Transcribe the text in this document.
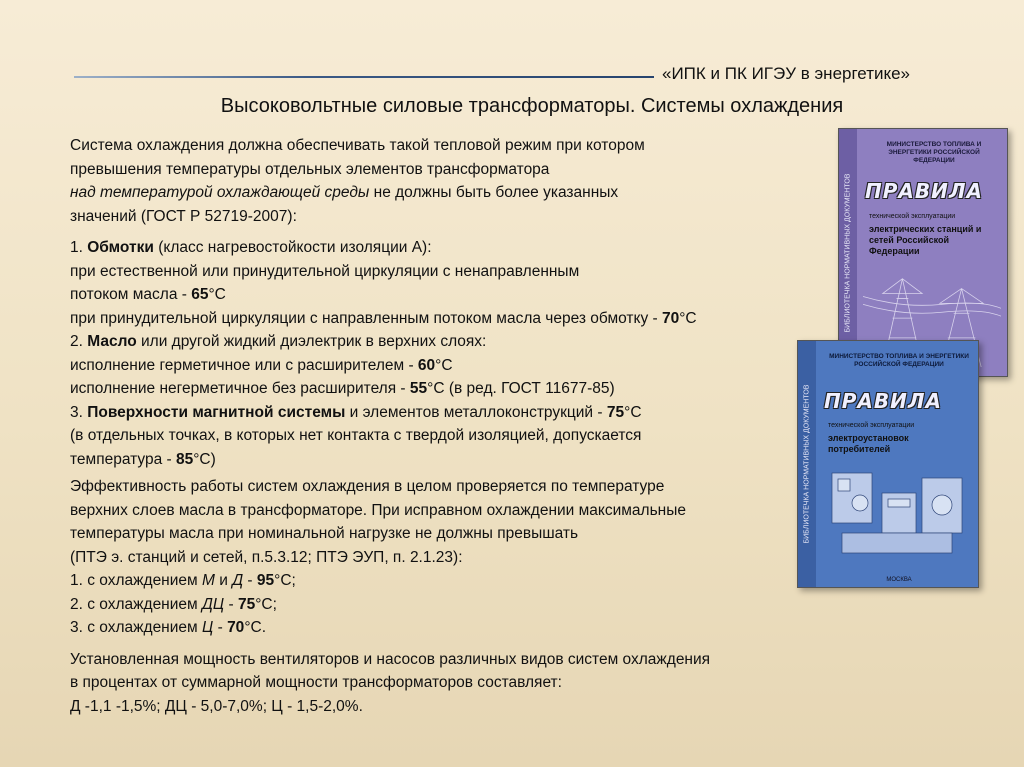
«ИПК и ПК ИГЭУ в энергетике»
Высоковольтные силовые трансформаторы. Системы охлаждения

Система охлаждения должна обеспечивать такой тепловой режим при котором

превышения температуры отдельных элементов трансформатора

над температурой охлаждающей среды не должны быть более указанных

значений (ГОСТ Р 52719-2007):

1. Обмотки (класс нагревостойкости изоляции А):

при естественной или принудительной циркуляции с ненаправленным

потоком масла - 65°С

при принудительной циркуляции с направленным потоком масла через обмотку - 70°С

2. Масло или другой жидкий диэлектрик в верхних слоях:

исполнение герметичное или с расширителем - 60°С

исполнение негерметичное без расширителя - 55°С (в ред. ГОСТ 11677-85)

3. Поверхности магнитной системы и элементов металлоконструкций - 75°С

(в отдельных точках, в которых нет контакта с твердой изоляцией, допускается

температура - 85°С)

Эффективность работы систем охлаждения в целом проверяется по температуре

верхних слоев масла в трансформаторе. При исправном охлаждении максимальные

температуры масла при номинальной нагрузке не должны превышать

(ПТЭ э. станций и сетей, п.5.3.12; ПТЭ ЭУП, п. 2.1.23):

1. с охлаждением М и Д - 95°С;

2. с охлаждением ДЦ - 75°С;

3. с охлаждением Ц - 70°С.

Установленная мощность вентиляторов и насосов различных видов систем охлаждения

в процентах от суммарной мощности трансформаторов составляет:

Д -1,1 -1,5%; ДЦ - 5,0-7,0%; Ц - 1,5-2,0%.

БИБЛИОТЕЧКА НОРМАТИВНЫХ ДОКУМЕНТОВ
МИНИСТЕРСТВО ТОПЛИВА И ЭНЕРГЕТИКИ РОССИЙСКОЙ ФЕДЕРАЦИИ
ПРАВИЛА
технической эксплуатации
электрических станций и сетей Российской Федерации
БИБЛИОТЕЧКА НОРМАТИВНЫХ ДОКУМЕНТОВ
МИНИСТЕРСТВО ТОПЛИВА И ЭНЕРГЕТИКИ РОССИЙСКОЙ ФЕДЕРАЦИИ
ПРАВИЛА
технической эксплуатации
электроустановок потребителей
МОСКВА
